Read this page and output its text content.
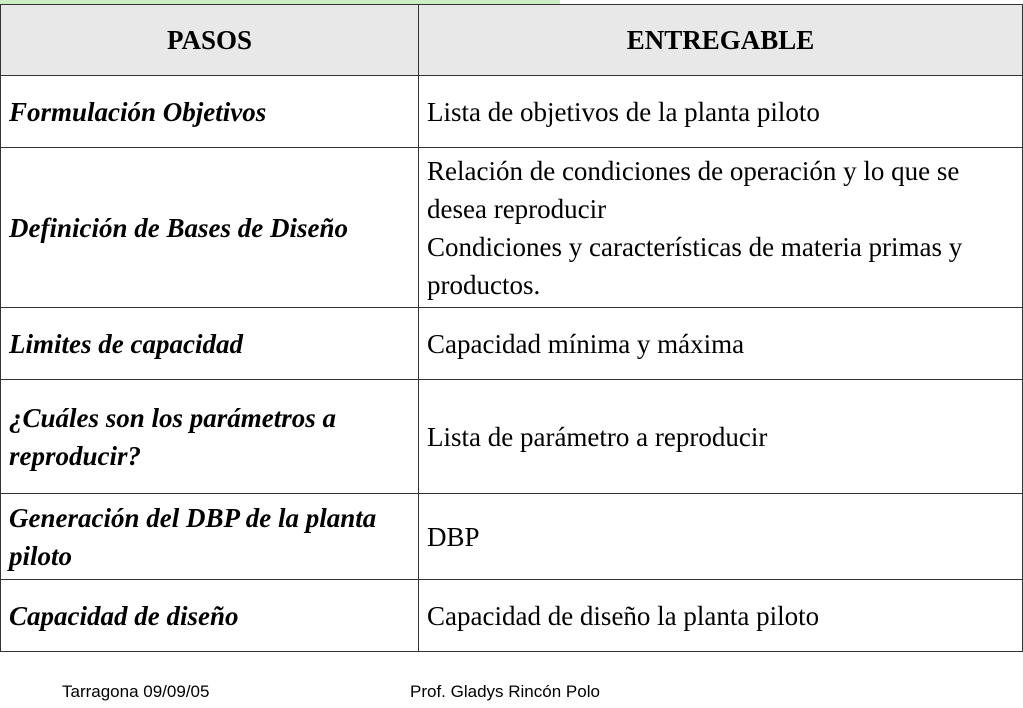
PASOS	ENTREGABLE

Formulación Objetivos	Lista de objetivos de la planta piloto

Definición de Bases de Diseño	Relación de condiciones de operación y lo que se desea reproducir
Condiciones y características de materia primas y productos.

Limites de capacidad	Capacidad mínima y máxima

¿Cuáles son los parámetros a reproducir?	Lista de parámetro a reproducir

Generación del DBP de la planta piloto	DBP

Capacidad de diseño	Capacidad de diseño la planta piloto
Tarragona 09/09/05	Prof. Gladys Rincón Polo
